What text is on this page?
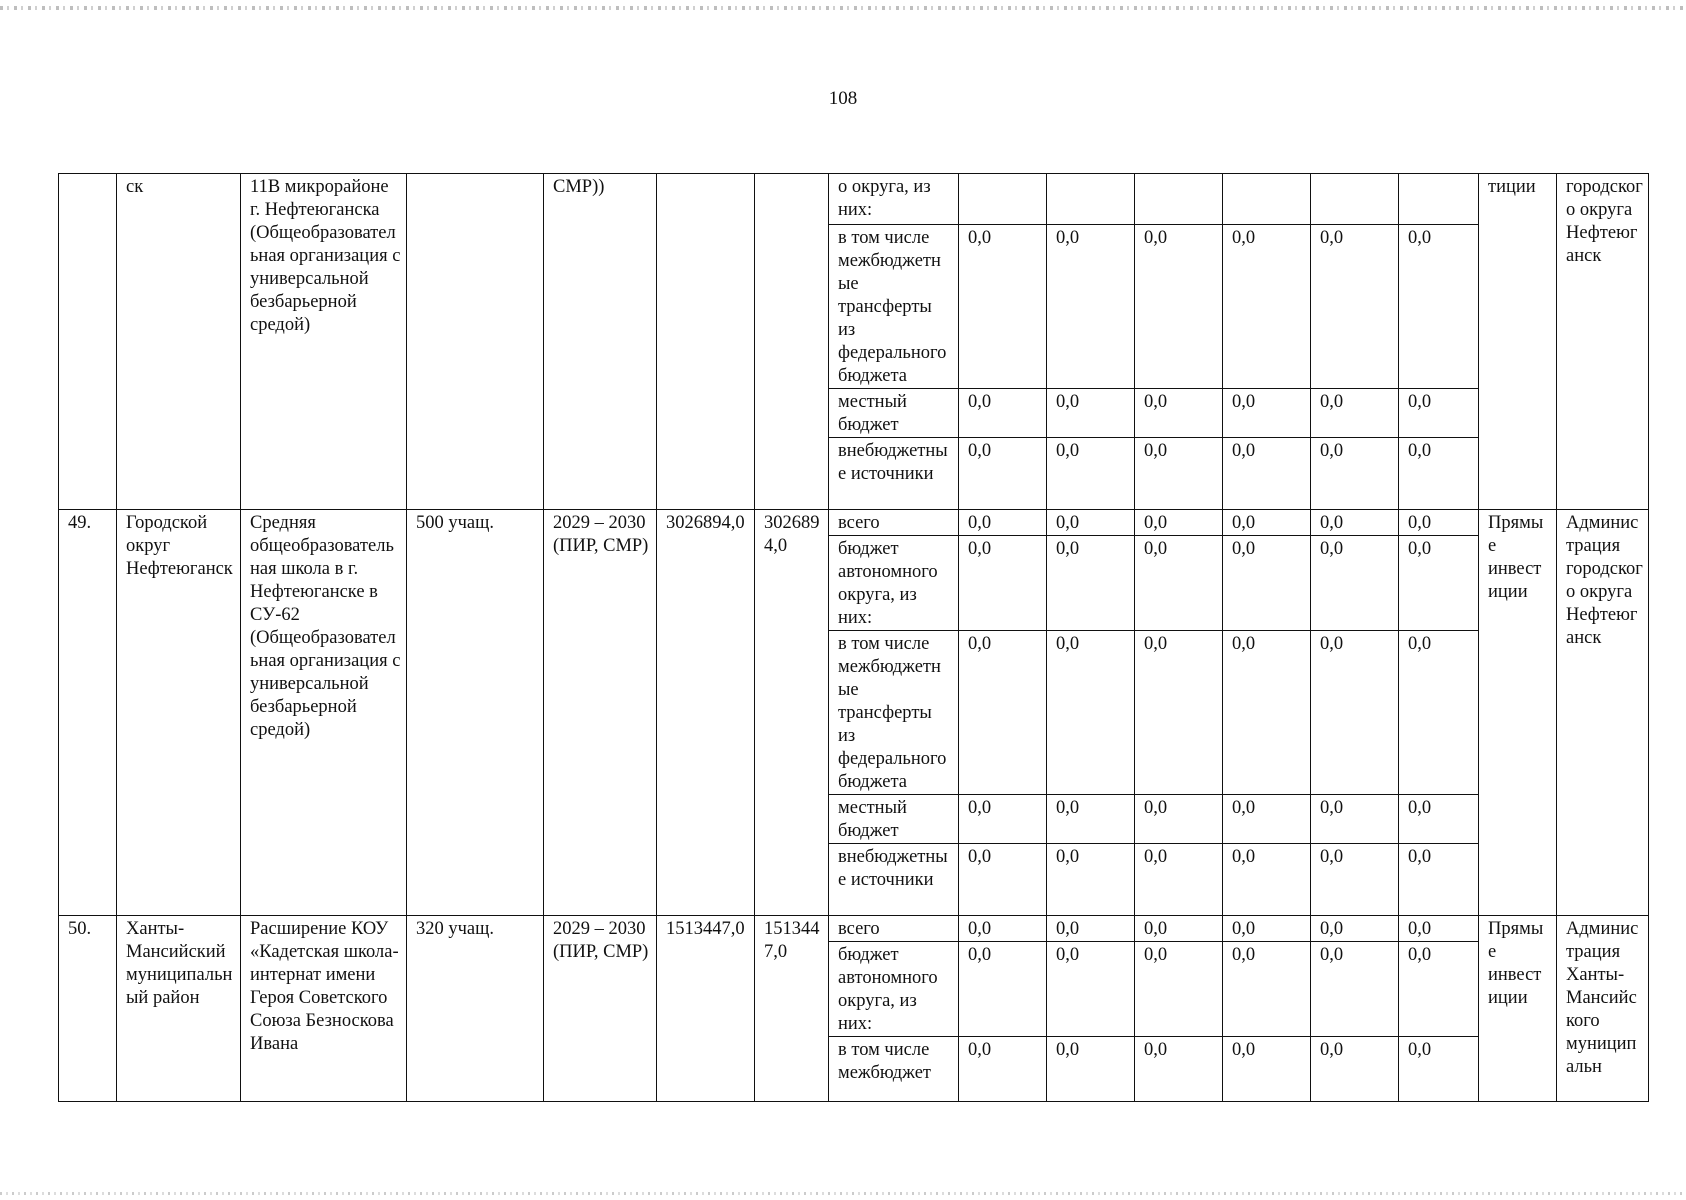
108
	ск	11В микрорайоне г. Нефтеюганска (Общеобразовательная организация с универсальной безбарьерной средой)		СМР))			о округа, из них:							тиции	городского округа Нефтеюганск
							в том числе межбюджетные трансферты из федерального бюджета	0,0	0,0	0,0	0,0	0,0	0,0		
							местный бюджет	0,0	0,0	0,0	0,0	0,0	0,0		
							внебюджетные источники	0,0	0,0	0,0	0,0	0,0	0,0		
49.	Городской округ Нефтеюганск	Средняя общеобразовательная школа в г. Нефтеюганске в СУ-62 (Общеобразовательная организация с универсальной безбарьерной средой)	500 учащ.	2029 – 2030 (ПИР, СМР)	3026894,0	3026894,0	всего	0,0	0,0	0,0	0,0	0,0	0,0	Прямые инвестиции	Администрация городского округа Нефтеюганск
							бюджет автономного округа, из них:	0,0	0,0	0,0	0,0	0,0	0,0		
							в том числе межбюджетные трансферты из федерального бюджета	0,0	0,0	0,0	0,0	0,0	0,0		
							местный бюджет	0,0	0,0	0,0	0,0	0,0	0,0		
							внебюджетные источники	0,0	0,0	0,0	0,0	0,0	0,0		
50.	Ханты-Мансийский муниципальный район	Расширение КОУ «Кадетская школа-интернат имени Героя Советского Союза Безноскова Ивана	320 учащ.	2029 – 2030 (ПИР, СМР)	1513447,0	1513447,0	всего	0,0	0,0	0,0	0,0	0,0	0,0	Прямые инвестиции	Администрация Ханты-Мансийского муниципальн
							бюджет автономного округа, из них:	0,0	0,0	0,0	0,0	0,0	0,0		
							в том числе межбюджет	0,0	0,0	0,0	0,0	0,0	0,0		
